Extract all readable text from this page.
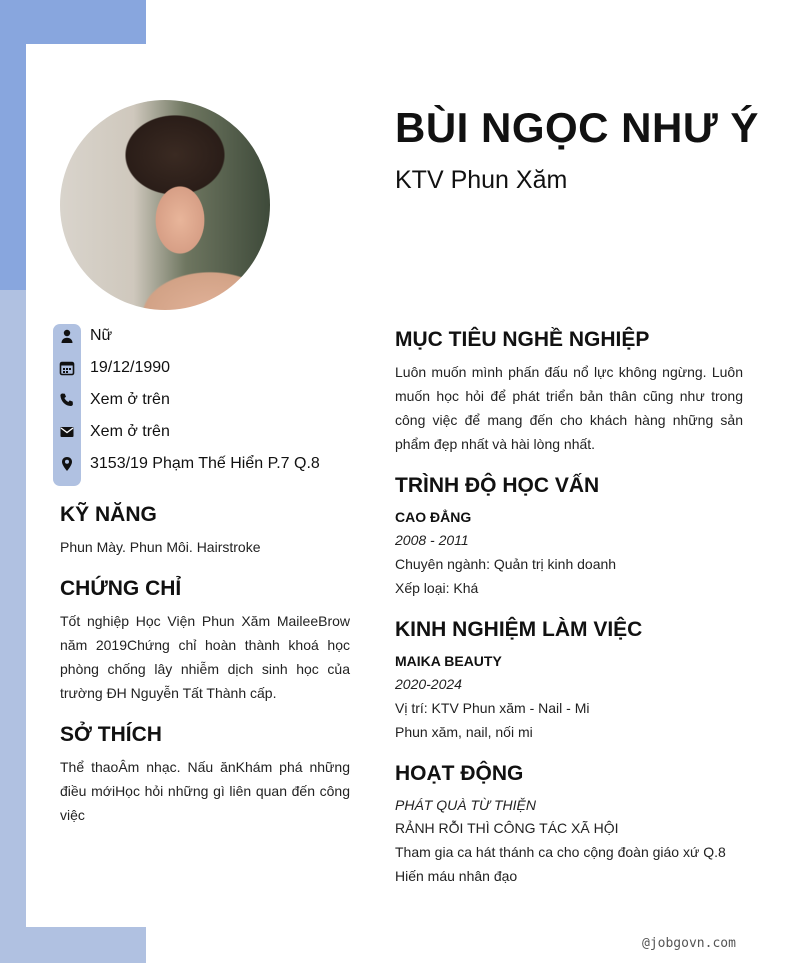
BÙI NGỌC NHƯ Ý

KTV Phun Xăm

Nữ
19/12/1990
Xem ở trên
Xem ở trên
3153/19 Phạm Thế Hiển P.7 Q.8
KỸ NĂNG

Phun Mày. Phun Môi. Hairstroke

CHỨNG CHỈ

Tốt nghiệp Học Viện Phun Xăm MaileeBrow năm 2019Chứng chỉ hoàn thành khoá học phòng chống lây nhiễm dịch sinh học của trường ĐH Nguyễn Tất Thành cấp.

SỞ THÍCH

Thể thaoÂm nhạc. Nấu ănKhám phá những điều mớiHọc hỏi những gì liên quan đến công việc

MỤC TIÊU NGHỀ NGHIỆP

Luôn muốn mình phấn đấu nổ lực không ngừng. Luôn muốn học hỏi để phát triển bản thân cũng như trong công việc để mang đến cho khách hàng những sản phẩm đẹp nhất và hài lòng nhất.

TRÌNH ĐỘ HỌC VẤN

CAO ĐẲNG

2008 - 2011

Chuyên ngành: Quản trị kinh doanh

Xếp loại: Khá

KINH NGHIỆM LÀM VIỆC

MAIKA BEAUTY

2020-2024

Vị trí: KTV Phun xăm - Nail - Mi

Phun xăm, nail, nối mi

HOẠT ĐỘNG

PHÁT QUÀ TỪ THIỆN

RẢNH RỖI THÌ CÔNG TÁC XÃ HỘI

Tham gia ca hát thánh ca cho cộng đoàn giáo xứ Q.8

Hiến máu nhân đạo

@jobgovn.com
